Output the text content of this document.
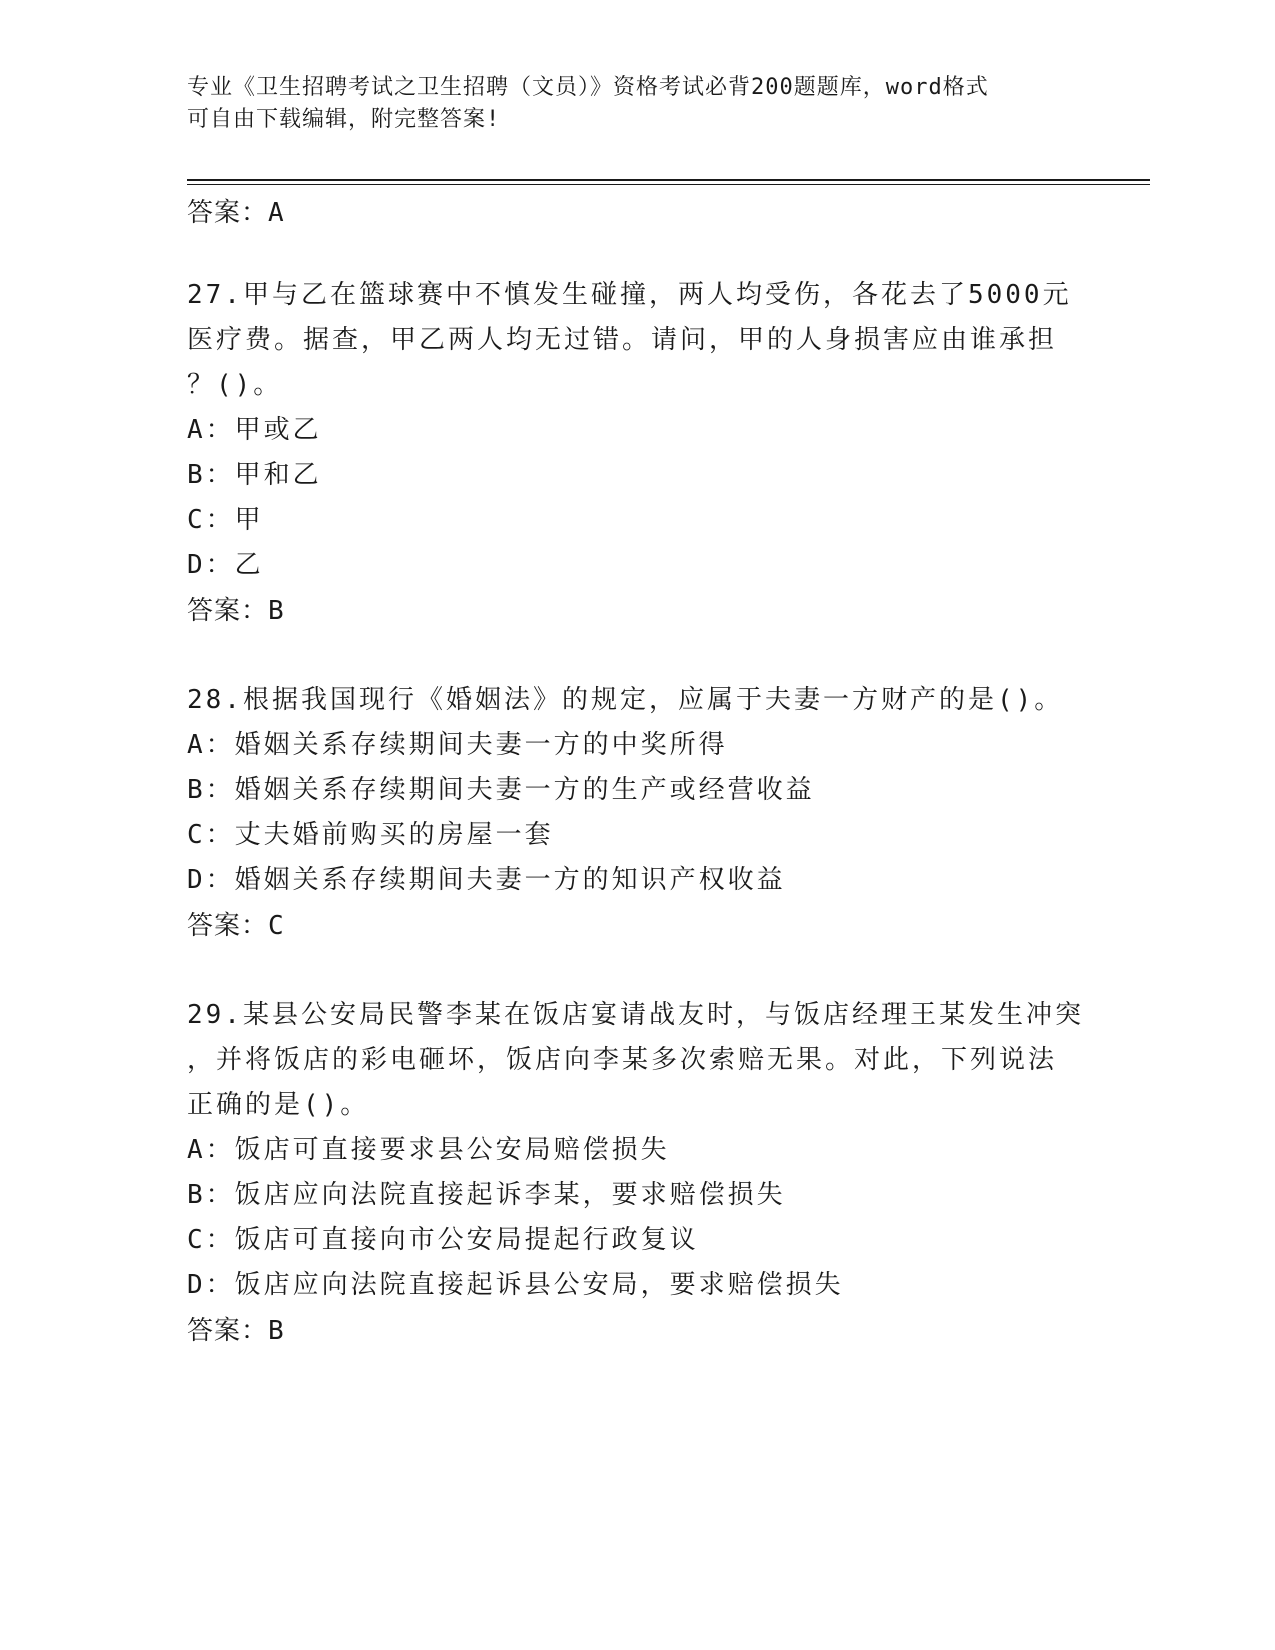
专业《卫生招聘考试之卫生招聘（文员）》资格考试必背200题题库，word格式
可自由下载编辑，附完整答案!
答案：A
27.甲与乙在篮球赛中不慎发生碰撞，两人均受伤，各花去了5000元
医疗费。据查，甲乙两人均无过错。请问，甲的人身损害应由谁承担
？()。
A：甲或乙
B：甲和乙
C：甲
D：乙
答案：B
28.根据我国现行《婚姻法》的规定，应属于夫妻一方财产的是()。
A：婚姻关系存续期间夫妻一方的中奖所得
B：婚姻关系存续期间夫妻一方的生产或经营收益
C：丈夫婚前购买的房屋一套
D：婚姻关系存续期间夫妻一方的知识产权收益
答案：C
29.某县公安局民警李某在饭店宴请战友时，与饭店经理王某发生冲突
，并将饭店的彩电砸坏，饭店向李某多次索赔无果。对此，下列说法
正确的是()。
A：饭店可直接要求县公安局赔偿损失
B：饭店应向法院直接起诉李某，要求赔偿损失
C：饭店可直接向市公安局提起行政复议
D：饭店应向法院直接起诉县公安局，要求赔偿损失
答案：B
